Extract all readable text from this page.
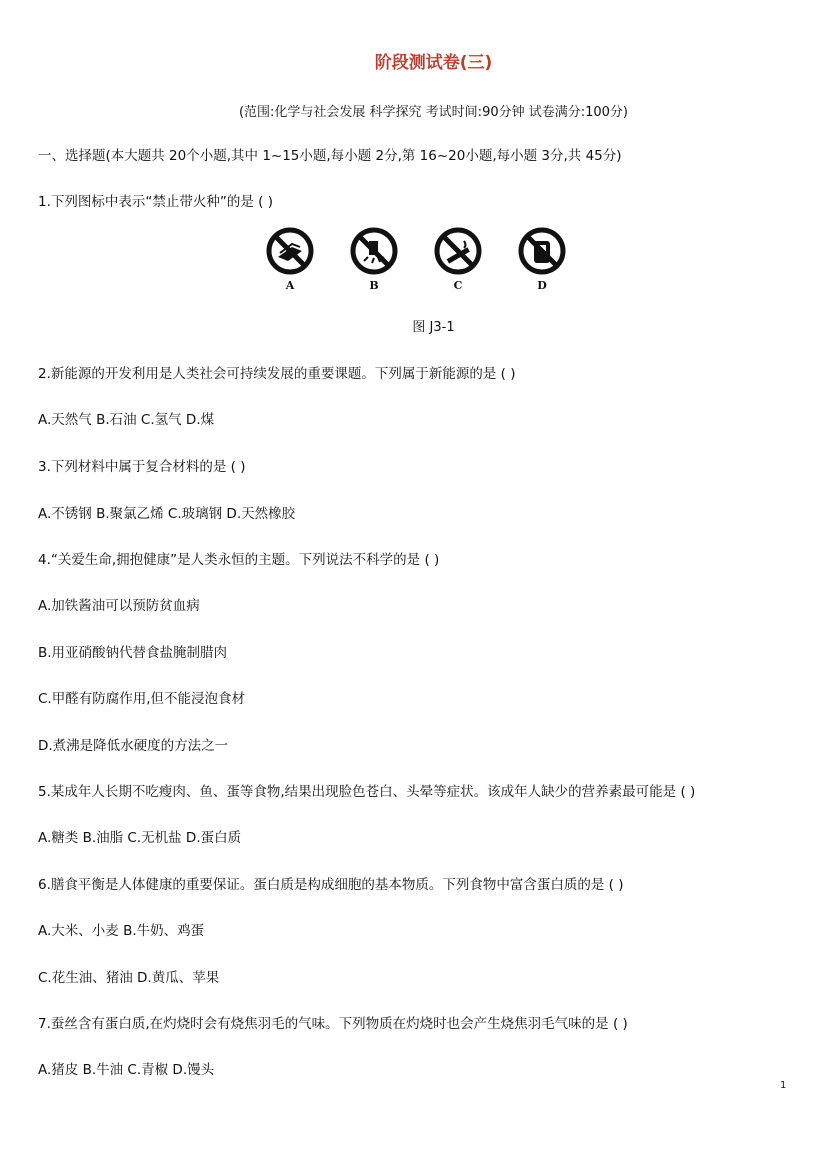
阶段测试卷(三)
(范围:化学与社会发展 科学探究 考试时间:90分钟 试卷满分:100分)
一、选择题(本大题共 20个小题,其中 1~15小题,每小题 2分,第 16~20小题,每小题 3分,共 45分)
1.下列图标中表示“禁止带火种”的是 ( )
A	B	C	D
图 J3-1
2.新能源的开发利用是人类社会可持续发展的重要课题。下列属于新能源的是 ( )
A.天然气 B.石油 C.氢气 D.煤
3.下列材料中属于复合材料的是 ( )
A.不锈钢 B.聚氯乙烯 C.玻璃钢 D.天然橡胶
4.“关爱生命,拥抱健康”是人类永恒的主题。下列说法不科学的是 ( )
A.加铁酱油可以预防贫血病
B.用亚硝酸钠代替食盐腌制腊肉
C.甲醛有防腐作用,但不能浸泡食材
D.煮沸是降低水硬度的方法之一
5.某成年人长期不吃瘦肉、鱼、蛋等食物,结果出现脸色苍白、头晕等症状。该成年人缺少的营养素最可能是 ( )
A.糖类 B.油脂 C.无机盐 D.蛋白质
6.膳食平衡是人体健康的重要保证。蛋白质是构成细胞的基本物质。下列食物中富含蛋白质的是 ( )
A.大米、小麦 B.牛奶、鸡蛋
C.花生油、猪油 D.黄瓜、苹果
7.蚕丝含有蛋白质,在灼烧时会有烧焦羽毛的气味。下列物质在灼烧时也会产生烧焦羽毛气味的是 ( )
A.猪皮 B.牛油 C.青椒 D.馒头
1
